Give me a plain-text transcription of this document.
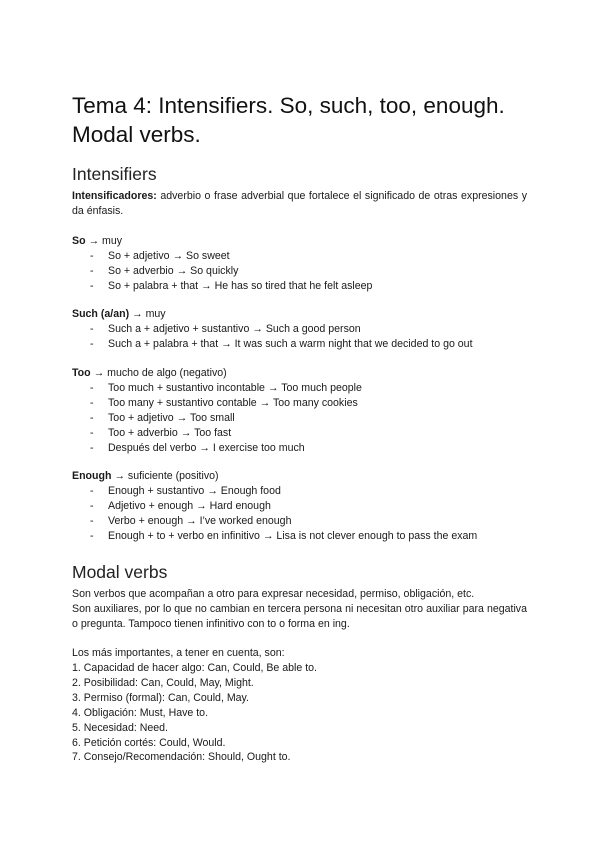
Tema 4: Intensifiers. So, such, too, enough. Modal verbs.
Intensifiers

Intensificadores: adverbio o frase adverbial que fortalece el significado de otras expresiones y da énfasis.

So → muy
- So + adjetivo → So sweet
- So + adverbio → So quickly
- So + palabra + that → He has so tired that he felt asleep
Such (a/an) → muy
- Such a + adjetivo + sustantivo → Such a good person
- Such a + palabra + that → It was such a warm night that we decided to go out
Too → mucho de algo (negativo)
- Too much + sustantivo incontable → Too much people
- Too many + sustantivo contable → Too many cookies
- Too + adjetivo → Too small
- Too + adverbio → Too fast
- Después del verbo → I exercise too much
Enough → suficiente (positivo)
- Enough + sustantivo → Enough food
- Adjetivo + enough → Hard enough
- Verbo + enough → I’ve worked enough
- Enough + to + verbo en infinitivo → Lisa is not clever enough to pass the exam
Modal verbs

Son verbos que acompañan a otro para expresar necesidad, permiso, obligación, etc.

Son auxiliares, por lo que no cambian en tercera persona ni necesitan otro auxiliar para negativa o pregunta. Tampoco tienen infinitivo con to o forma en ing.

Los más importantes, a tener en cuenta, son:

1. Capacidad de hacer algo: Can, Could, Be able to.
2. Posibilidad: Can, Could, May, Might.
3. Permiso (formal): Can, Could, May.
4. Obligación: Must, Have to.
5. Necesidad: Need.
6. Petición cortés: Could, Would.
7. Consejo/Recomendación: Should, Ought to.
